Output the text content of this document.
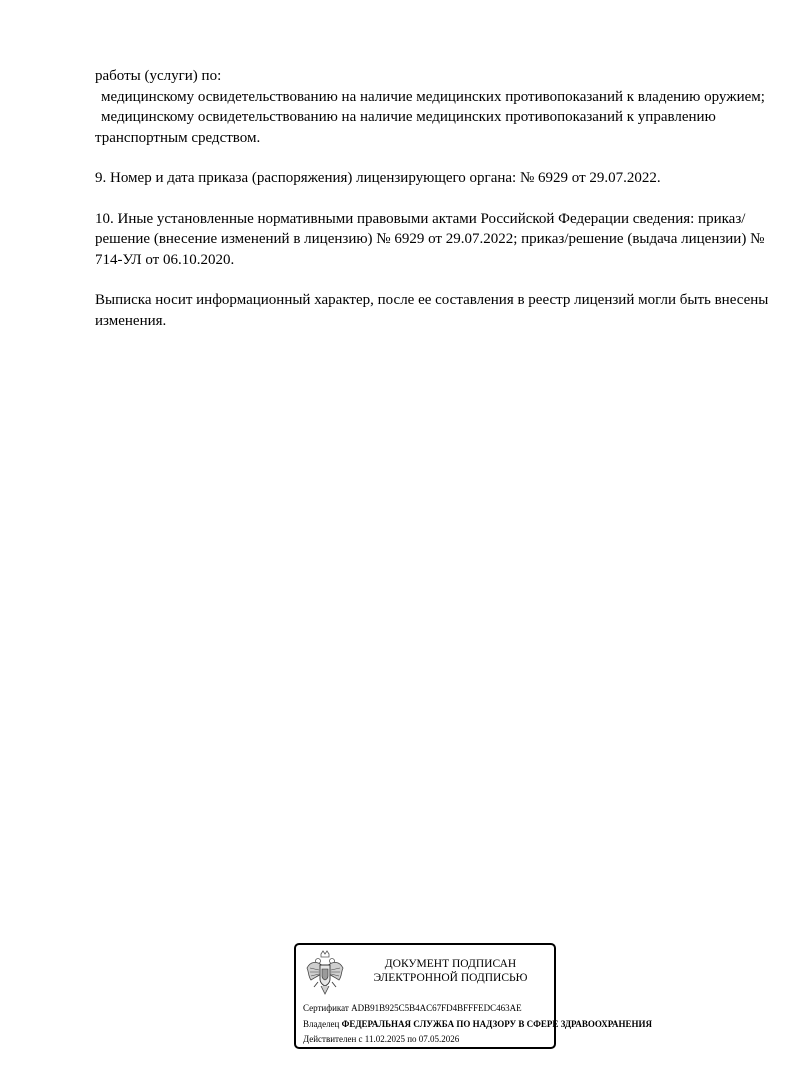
работы (услуги) по:

медицинскому освидетельствованию на наличие медицинских противопоказаний к владению оружием;

медицинскому освидетельствованию на наличие медицинских противопоказаний к управлению транспортным средством.

9. Номер и дата приказа (распоряжения) лицензирующего органа: № 6929 от 29.07.2022.

10. Иные установленные нормативными правовыми актами Российской Федерации сведения: приказ/решение (внесение изменений в лицензию) № 6929 от 29.07.2022; приказ/решение (выдача лицензии) № 714-УЛ от 06.10.2020.

Выписка носит информационный характер, после ее составления в реестр лицензий могли быть внесены изменения.

ДОКУМЕНТ ПОДПИСАН
ЭЛЕКТРОННОЙ ПОДПИСЬЮ
Сертификат ADB91B925C5B4AC67FD4BFFFEDC463AE
Владелец ФЕДЕРАЛЬНАЯ СЛУЖБА ПО НАДЗОРУ В СФЕРЕ ЗДРАВООХРАНЕНИЯ
Действителен с 11.02.2025 по 07.05.2026
